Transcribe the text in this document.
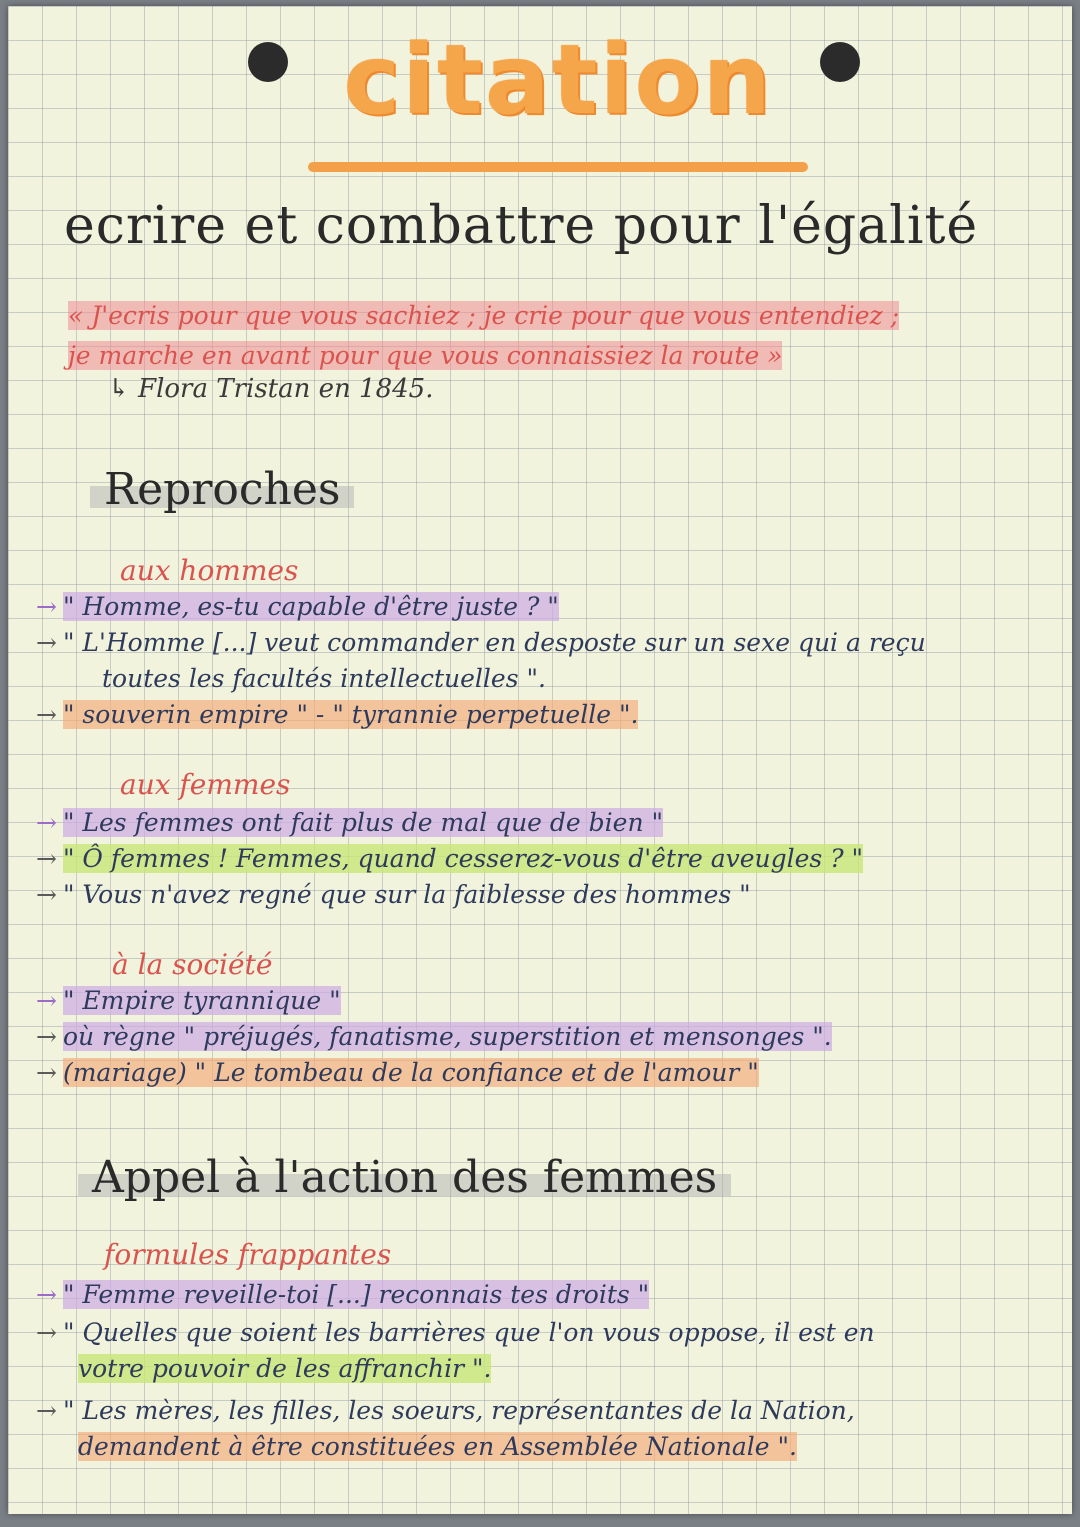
citation
ecrire et combattre pour l'égalité
« J'ecris pour que vous sachiez ; je crie pour que vous entendiez ;
je marche en avant pour que vous connaissiez la route »
↳ Flora Tristan en 1845.
Reproches
aux hommes
→ " Homme, es-tu capable d'être juste ? "
→ " L'Homme [...] veut commander en desposte sur un sexe qui a reçu
toutes les facultés intellectuelles ".
→ " souverin empire " - " tyrannie perpetuelle ".
aux femmes
→ " Les femmes ont fait plus de mal que de bien "
→ " Ô femmes ! Femmes, quand cesserez-vous d'être aveugles ? "
→ " Vous n'avez regné que sur la faiblesse des hommes "
à la société
→ " Empire tyrannique "
→ où règne " préjugés, fanatisme, superstition et mensonges ".
→ (mariage) " Le tombeau de la confiance et de l'amour "
Appel à l'action des femmes
formules frappantes
→ " Femme reveille-toi [...] reconnais tes droits "
→ " Quelles que soient les barrières que l'on vous oppose, il est en
votre pouvoir de les affranchir ".
→ " Les mères, les filles, les soeurs, représentantes de la Nation,
demandent à être constituées en Assemblée Nationale ".
